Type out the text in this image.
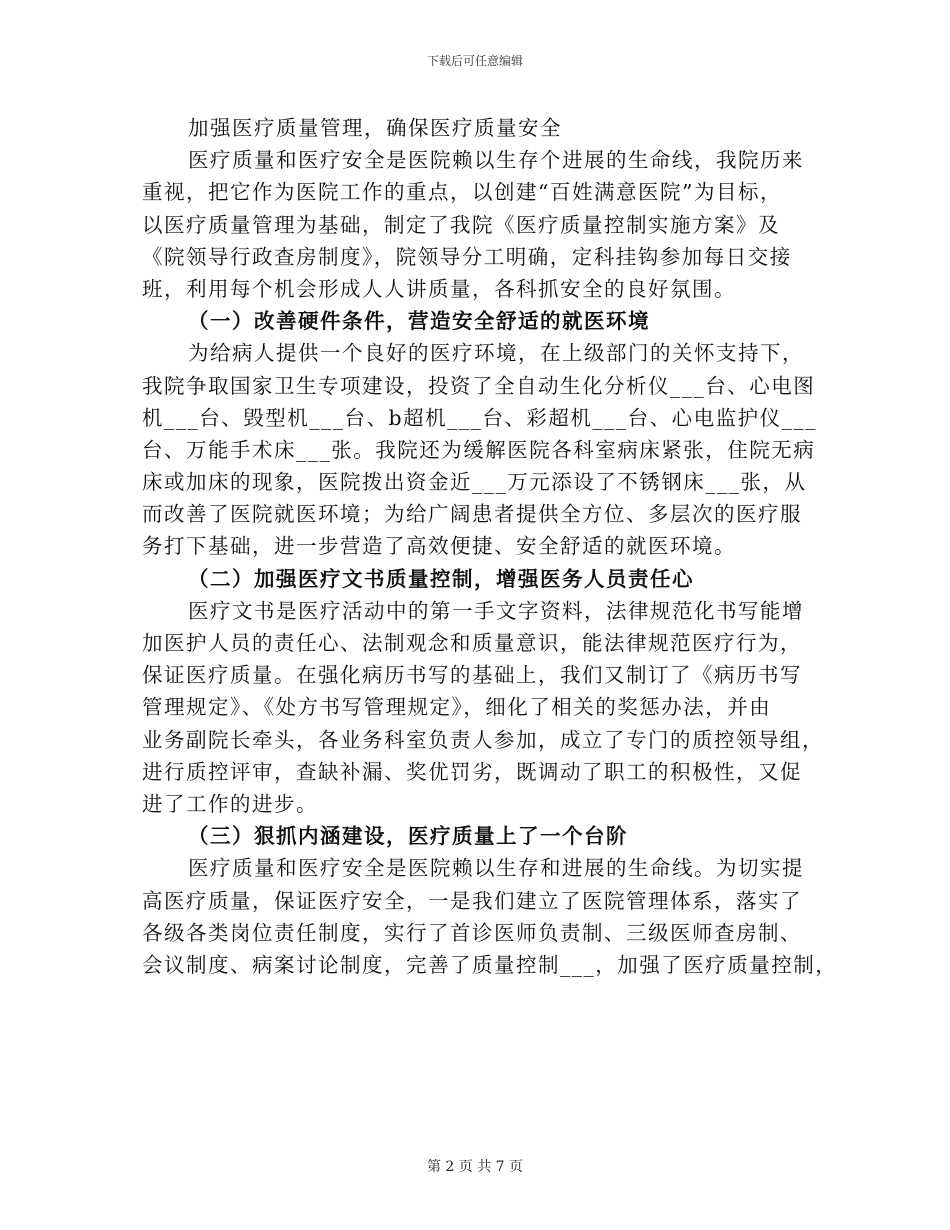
下载后可任意编辑
加强医疗质量管理，确保医疗质量安全
医疗质量和医疗安全是医院赖以生存个进展的生命线，我院历来
重视，把它作为医院工作的重点，以创建“百姓满意医院”为目标，
以医疗质量管理为基础，制定了我院《医疗质量控制实施方案》及
《院领导行政查房制度》，院领导分工明确，定科挂钩参加每日交接
班，利用每个机会形成人人讲质量，各科抓安全的良好氛围。
（一）改善硬件条件，营造安全舒适的就医环境
为给病人提供一个良好的医疗环境，在上级部门的关怀支持下，
我院争取国家卫生专项建设，投资了全自动生化分析仪___台、心电图
机___台、毁型机___台、b超机___台、彩超机___台、心电监护仪___
台、万能手术床___张。我院还为缓解医院各科室病床紧张，住院无病
床或加床的现象，医院拨出资金近___万元添设了不锈钢床___张，从
而改善了医院就医环境；为给广阔患者提供全方位、多层次的医疗服
务打下基础，进一步营造了高效便捷、安全舒适的就医环境。
（二）加强医疗文书质量控制，增强医务人员责任心
医疗文书是医疗活动中的第一手文字资料，法律规范化书写能增
加医护人员的责任心、法制观念和质量意识，能法律规范医疗行为，
保证医疗质量。在强化病历书写的基础上，我们又制订了《病历书写
管理规定》、《处方书写管理规定》，细化了相关的奖惩办法，并由
业务副院长牵头，各业务科室负责人参加，成立了专门的质控领导组，
进行质控评审，查缺补漏、奖优罚劣，既调动了职工的积极性，又促
进了工作的进步。
（三）狠抓内涵建设，医疗质量上了一个台阶
医疗质量和医疗安全是医院赖以生存和进展的生命线。为切实提
高医疗质量，保证医疗安全，一是我们建立了医院管理体系，落实了
各级各类岗位责任制度，实行了首诊医师负责制、三级医师查房制、
会议制度、病案讨论制度，完善了质量控制___，加强了医疗质量控制，
第 2 页 共 7 页
